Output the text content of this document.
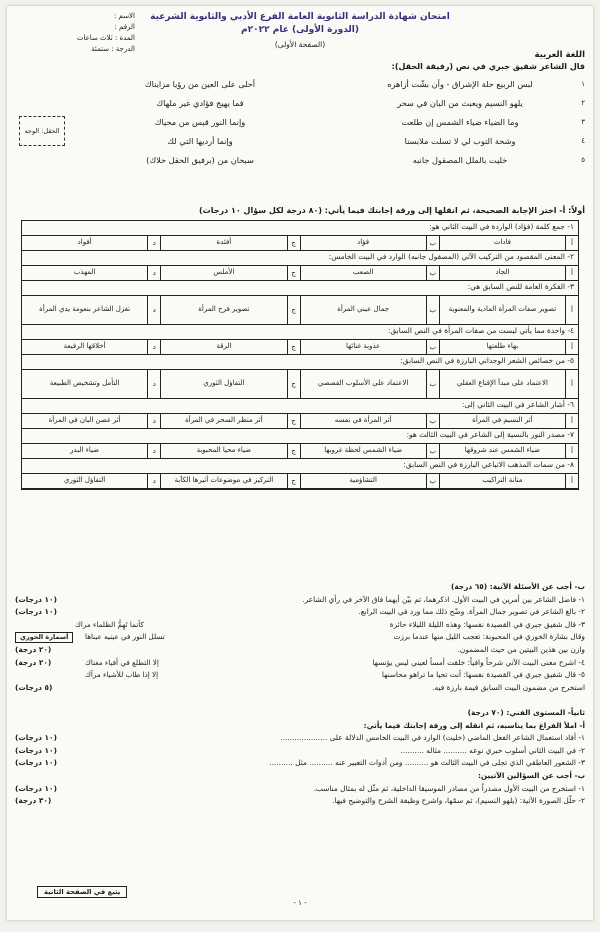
الاسم :
الرقم :
المدة : ثلاث ساعات
الدرجة : ستمئة
امتحان شهادة الدراسة الثانوية العامة الفرع الأدبي والثانوية الشرعية
(الدورة الأولى) عام ٢٠٢٢م
(الصفحة الأولى)
اللغة العربية
قال الشاعر شفيق جبري في نص (رفيقة الحقل):
١
لبس الربيع حلة الإشراق - وأن بشّت أزاهره
أحلى على العين من رؤيا مزايناك
٢
يلهو النسيم ويعبث من البان في سحر
فما يهيج فؤادي غير ملهاك
٣
وما الضياء ضياء الشمس إن طلعت
وإنما النور قبس من محياك
٤
وشحة التوب لي لا تسلت ملابسنا
وإنما أرديها التي لك
٥
خليت بالملل المصقول جانبه
سبحان من (برفيق الحقل حلاك)
الحقل: الوجه
أولاً: أ- اختر الإجابة الصحيحة، ثم انقلها إلى ورقة إجابتك فيما يأتي: (٨٠ درجة لكل سؤال ١٠ درجات)
١- جمع كلمة (فؤاد) الواردة في البيت الثاني هو:
أ
فادات
ب
فؤاد
ج
أفئدة
د
أفواد
٢- المعنى المقصود من التركيب الآتي (المصقول جانبه) الوارد في البيت الخامس:
أ
الجاد
ب
الصعب
ج
الأملس
د
المهذب
٣- الفكرة العامة للنص السابق هي:
أ
تصوير صفات المرأة المادية والمعنوية
ب
جمال عيني المرأة
ج
تصوير فرح المرأة
د
تغزل الشاعر بنعومة يدي المرأة
٤- واحدة مما يأتي ليست من صفات المرأة في النص السابق:
أ
بهاء طلعتها
ب
عذوبة غنائها
ج
الرقة
د
أخلاقها الرفيعة
٥- من خصائص الشعر الوجداني البارزة في النص السابق:
أ
الاعتماد على مبدأ الإقناع العقلي
ب
الاعتماد على الأسلوب القصصي
ج
التفاؤل الثوري
د
التأمل وتشخيص الطبيعة
٦- أشار الشاعر في البيت الثاني إلى:
أ
أثر النسيم في المرأة
ب
أثر المرأة في نفسه
ج
أثر منظر السحر في المرأة
د
أثر غصن البان في المرأة
٧- مصدر النور بالنسبة إلى الشاعر في البيت الثالث هو:
أ
ضياء الشمس عند شروقها
ب
ضياء الشمس لحظة غروبها
ج
ضياء محيا المحبوبة
د
ضياء البدر
٨- من سمات المذهب الاتباعي البارزة في النص السابق:
أ
متانة التراكيب
ب
التشاؤمية
ج
التركيز في موضوعات أثيرها الكآبة
د
التفاؤل الثوري
ب- أجب عن الأسئلة الآتية: (٦٥ درجة)
١- فاضل الشاعر بين أمرين في البيت الأول. اذكرهما، ثم بيّن أيهما فاق الآخر في رأي الشاعر.
(١٠ درجات)
٢- بالغ الشاعر في تصوير جمال المرأة. وضّح ذلك مما ورد في البيت الرابع.
(١٠ درجات)
٣- قال شفيق جبري في القصيدة نفسها: وهذه الليلة الليلاء حائرة
كأنما تَهِمُّ الظلماء مراك
وقال بشارة الخوري في المحبوبة: تعجب الليل منها عندما برزت
تسلل النور في عينيه عيناها
أسمارة الخوري
وازن بين هذين البيتين من حيث المضمون.
(٢٠ درجة)
٤- اشرح معنى البيت الآتي شرحاً وافياً: خلقت أمساً لعيني ليس يؤنسها
إلا التطلع في أفياء مغناك
(٢٠ درجة)
٥- قال شفيق جبري في القصيدة نفسها: أنت تحيا ما تراهو محاسنها
إلا إذا طاب للأشياء مرآك
استخرج من مضمون البيت السابق قيمة بارزة فيه.
(٥ درجات)
ثانياً- المستوى الفني: (٧٠ درجة)
أ- املأ الفراغ بما يناسبه، ثم انقله إلى ورقة إجابتك فيما يأتي:
١- أفاد استعمال الشاعر الفعل الماضي (خليت) الوارد في البيت الخامس الدلالة على ....................
(١٠ درجات)
٢- في البيت الثاني أسلوب خبري نوعه .......... مثاله ..........
(١٠ درجات)
٣- الشعور العاطفي الذي تجلى في البيت الثالث هو .......... ومن أدوات التعبير عنه .......... مثل ..........
(١٠ درجات)
ب- أجب عن السؤالين الآتيين:
١- استخرج من البيت الأول مصدراً من مصادر الموسيقا الداخلية، ثم مثّل له بمثال مناسب.
(١٠ درجات)
٢- حلّل الصورة الآتية: (يلهو النسيم)، ثم سمّها، واشرح وظيفة الشرح والتوضيح فيها.
(٣٠ درجة)
يتبع في الصفحة الثانية
- ١ -
